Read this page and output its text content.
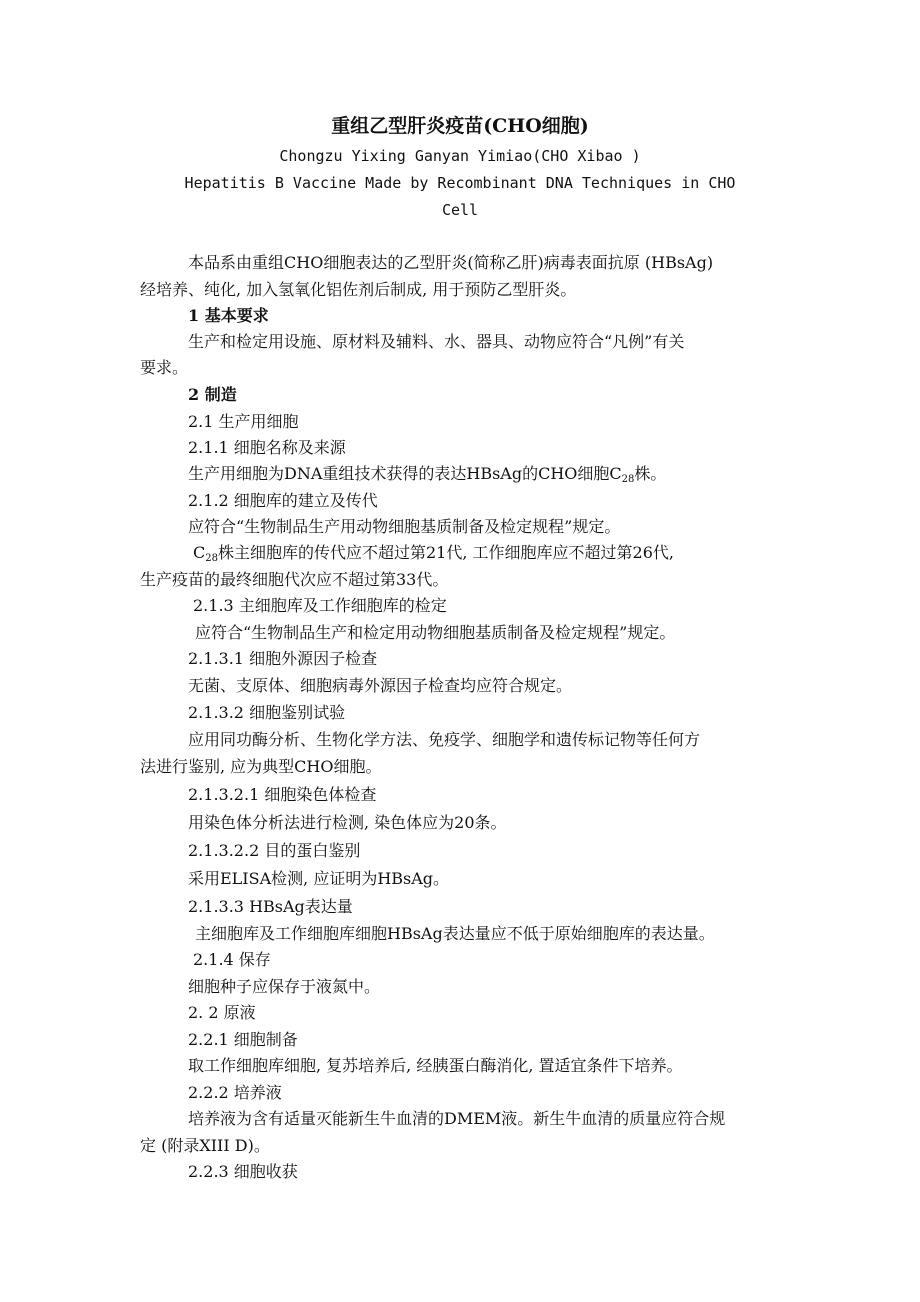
重组乙型肝炎疫苗(CHO细胞)
Chongzu Yixing Ganyan Yimiao(CHO Xibao )
Hepatitis B Vaccine Made by Recombinant DNA Techniques in CHO
Cell
本品系由重组CHO细胞表达的乙型肝炎(简称乙肝)病毒表面抗原 (HBsAg)
经培养、纯化, 加入氢氧化铝佐剂后制成, 用于预防乙型肝炎。
1 基本要求
生产和检定用设施、原材料及辅料、水、器具、动物应符合“凡例”有关
要求。
2 制造
2.1 生产用细胞
2.1.1 细胞名称及来源
生产用细胞为DNA重组技术获得的表达HBsAg的CHO细胞$C_{28}$株。
2.1.2 细胞库的建立及传代
应符合“生物制品生产用动物细胞基质制备及检定规程”规定。
$C_{28}$株主细胞库的传代应不超过第21代, 工作细胞库应不超过第26代,
生产疫苗的最终细胞代次应不超过第33代。
2.1.3 主细胞库及工作细胞库的检定
应符合“生物制品生产和检定用动物细胞基质制备及检定规程”规定。
2.1.3.1 细胞外源因子检查
无菌、支原体、细胞病毒外源因子检查均应符合规定。
2.1.3.2 细胞鉴别试验
应用同功酶分析、生物化学方法、免疫学、细胞学和遗传标记物等任何方
法进行鉴别, 应为典型CHO细胞。
2.1.3.2.1 细胞染色体检查
用染色体分析法进行检测, 染色体应为20条。
2.1.3.2.2 目的蛋白鉴别
采用ELISA检测, 应证明为HBsAg。
2.1.3.3 HBsAg表达量
主细胞库及工作细胞库细胞HBsAg表达量应不低于原始细胞库的表达量。
2.1.4 保存
细胞种子应保存于液氮中。
2. 2 原液
2.2.1 细胞制备
取工作细胞库细胞, 复苏培养后, 经胰蛋白酶消化, 置适宜条件下培养。
2.2.2 培养液
培养液为含有适量灭能新生牛血清的DMEM液。新生牛血清的质量应符合规
定 (附录XIII D)。
2.2.3 细胞收获
